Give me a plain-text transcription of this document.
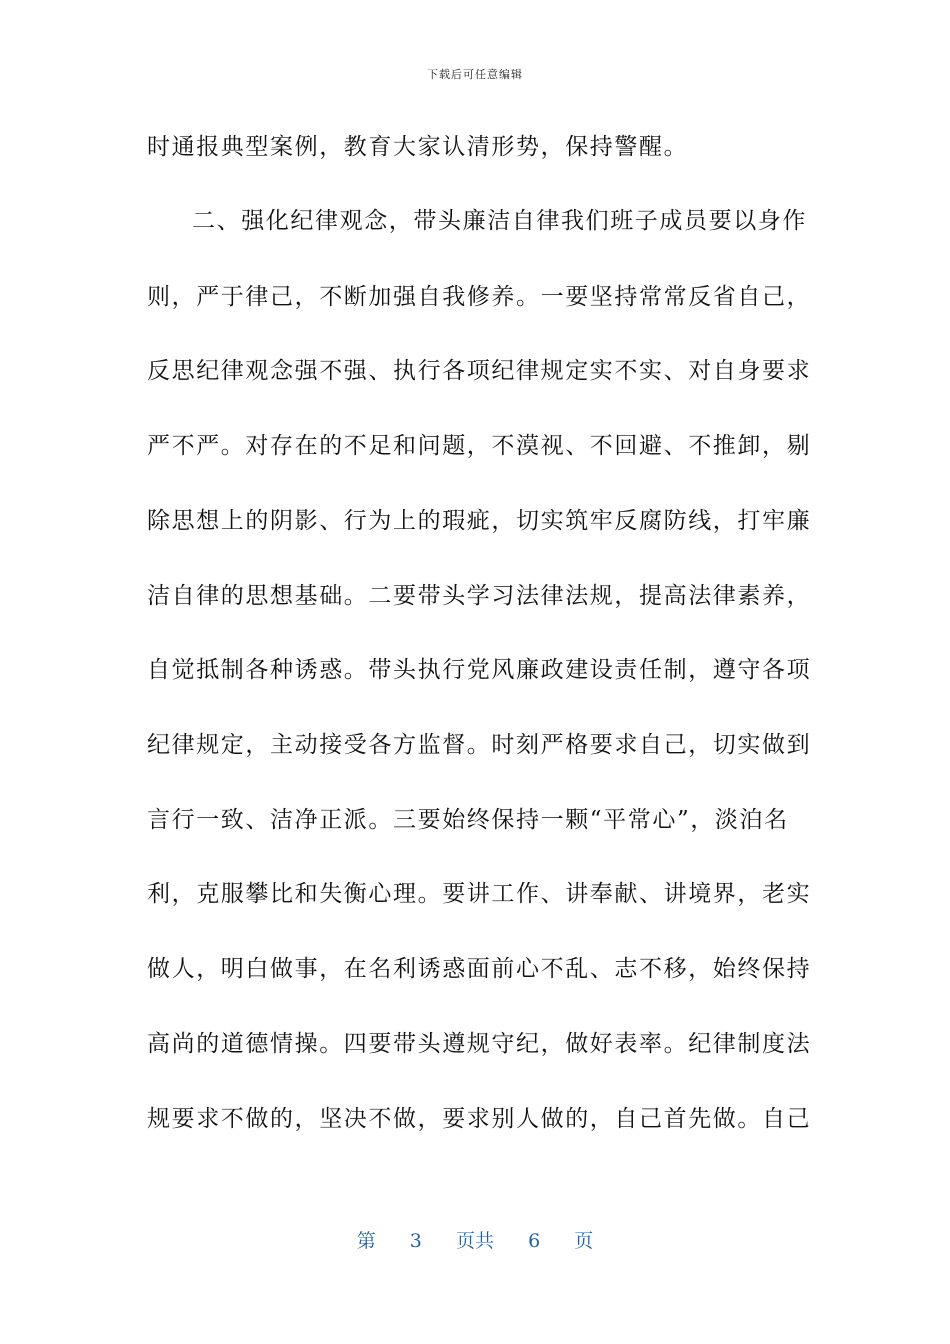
下载后可任意编辑
时通报典型案例，教育大家认清形势，保持警醒。
二、强化纪律观念，带头廉洁自律我们班子成员要以身作
则，严于律己，不断加强自我修养。一要坚持常常反省自己，
反思纪律观念强不强、执行各项纪律规定实不实、对自身要求
严不严。对存在的不足和问题，不漠视、不回避、不推卸，剔
除思想上的阴影、行为上的瑕疵，切实筑牢反腐防线，打牢廉
洁自律的思想基础。二要带头学习法律法规，提高法律素养，
自觉抵制各种诱惑。带头执行党风廉政建设责任制，遵守各项
纪律规定，主动接受各方监督。时刻严格要求自己，切实做到
言行一致、洁净正派。三要始终保持一颗“平常心”，淡泊名
利，克服攀比和失衡心理。要讲工作、讲奉献、讲境界，老实
做人，明白做事，在名利诱惑面前心不乱、志不移，始终保持
高尚的道德情操。四要带头遵规守纪，做好表率。纪律制度法
规要求不做的，坚决不做，要求别人做的，自己首先做。自己
第 3 页共 6 页
